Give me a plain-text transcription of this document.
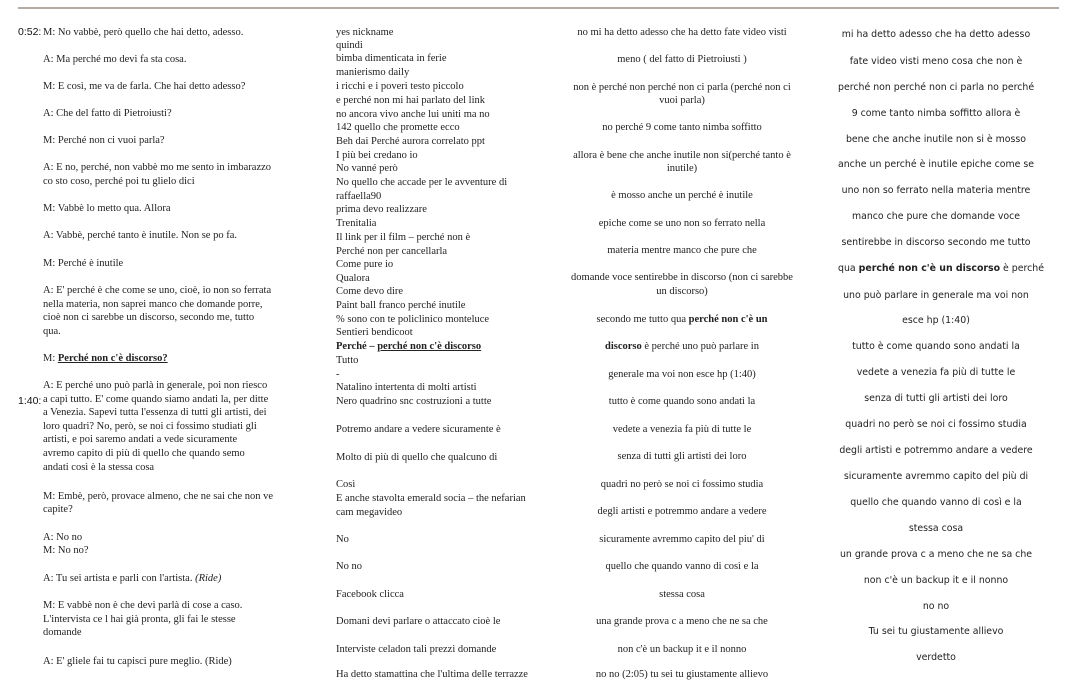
0:52:
1:40:
M: No vabbè, però quello che hai detto, adesso.
A: Ma perché mo devi fa sta cosa.
M: E così, me va de farla. Che hai detto adesso?
A: Che del fatto di Pietroiusti?
M: Perché non ci vuoi parla?
A: E no, perché, non vabbè mo me sento in imbarazzo
co sto coso, perché poi tu glielo dici
M: Vabbè lo metto qua. Allora
A: Vabbè, perché tanto è inutile. Non se po fa.
M: Perché è inutile
A: E' perché è che come se uno, cioè, io non so ferrata
nella materia, non saprei manco che domande porre,
cioè non ci sarebbe un discorso, secondo me, tutto
qua.
M: Perché non c'è discorso?
A: E perché uno può parlà in generale, poi non riesco
a capì tutto. E' come quando siamo andati la, per ditte
a Venezia. Sapevi tutta l'essenza di tutti gli artisti, dei
loro quadri? No, però, se noi ci fossimo studiati gli
artisti, e poi saremo andati a vede sicuramente
avremo capito di più di quello che quando semo
andati così è la stessa cosa
M: Embè, però, provace almeno, che ne sai che non ve
capite?
A: No no
M: No no?
A: Tu sei artista e parli con l'artista. (Ride)
M: E vabbè non è che devi parlà di cose a caso.
L'intervista ce l hai già pronta, gli fai le stesse
domande
A: E' gliele fai tu capisci pure meglio. (Ride)
yes nickname
quindi
bimba dimenticata in ferie
manierismo daily
i ricchi e i poveri testo piccolo
e perché non mi hai parlato del link
no ancora vivo anche lui uniti ma no
142 quello che promette ecco
Beh dai Perché aurora correlato ppt
I più bei credano io
No vanné però
No quello che accade per le avventure di
raffaella90
prima devo realizzare
Trenitalia
Il link per il film – perché non è
Perché non per cancellarla
Come pure io
Qualora
Come devo dire
Paint ball franco perché inutile
% sono con te policlinico monteluce
Sentieri bendicoot
Perché – perché non c'è discorso
Tutto
-
Natalino intertenta di molti artisti
Nero quadrino snc costruzioni a tutte
Potremo andare a vedere sicuramente è
Molto di più di quello che qualcuno di
Così
E anche stavolta emerald socia – the nefarian
cam megavideo
No
No no
Facebook clicca
Domani devi parlare o attaccato cioè le
Interviste celadon tali prezzi domande
Ha detto stamattina che l'ultima delle terrazze
no mi ha detto adesso che ha detto fate video visti
meno ( del fatto di Pietroiusti )
non è perché non perché non ci parla (perché non ci
vuoi parla)
no perché 9 come tanto nimba soffitto
allora è bene che anche inutile non si(perché tanto è
inutile)
è mosso anche un perché è inutile
epiche come se uno non so ferrato nella
materia mentre manco che pure che
domande voce sentirebbe in discorso (non ci sarebbe
un discorso)
secondo me tutto qua perché non c'è un
discorso è perché uno può parlare in
generale ma voi non esce hp (1:40)
tutto è come quando sono andati la
vedete a venezia fa più di tutte le
senza di tutti gli artisti dei loro
quadri no però se noi ci fossimo studia
degli artisti e potremmo andare a vedere
sicuramente avremmo capito del piu' di
quello che quando vanno di così e la
stessa cosa
una grande prova c a meno che ne sa che
non c'è un backup it e il nonno
no no (2:05) tu sei tu giustamente allievo
mi ha detto adesso che ha detto adesso
fate video visti meno cosa che non è
perché non perché non ci parla no perché
9 come tanto nimba soffitto allora è
bene che anche inutile non si è mosso
anche un perché è inutile epiche come se
uno non so ferrato nella materia mentre
manco che pure che domande voce
sentirebbe in discorso secondo me tutto
qua perché non c'è un discorso è perché
uno può parlare in generale ma voi non
esce hp (1:40)
tutto è come quando sono andati la
vedete a venezia fa più di tutte le
senza di tutti gli artisti dei loro
quadri no però se noi ci fossimo studia
degli artisti e potremmo andare a vedere
sicuramente avremmo capito del più di
quello che quando vanno di così e la
stessa cosa
un grande prova c a meno che ne sa che
non c'è un backup it e il nonno
no no
Tu sei tu giustamente allievo
verdetto
